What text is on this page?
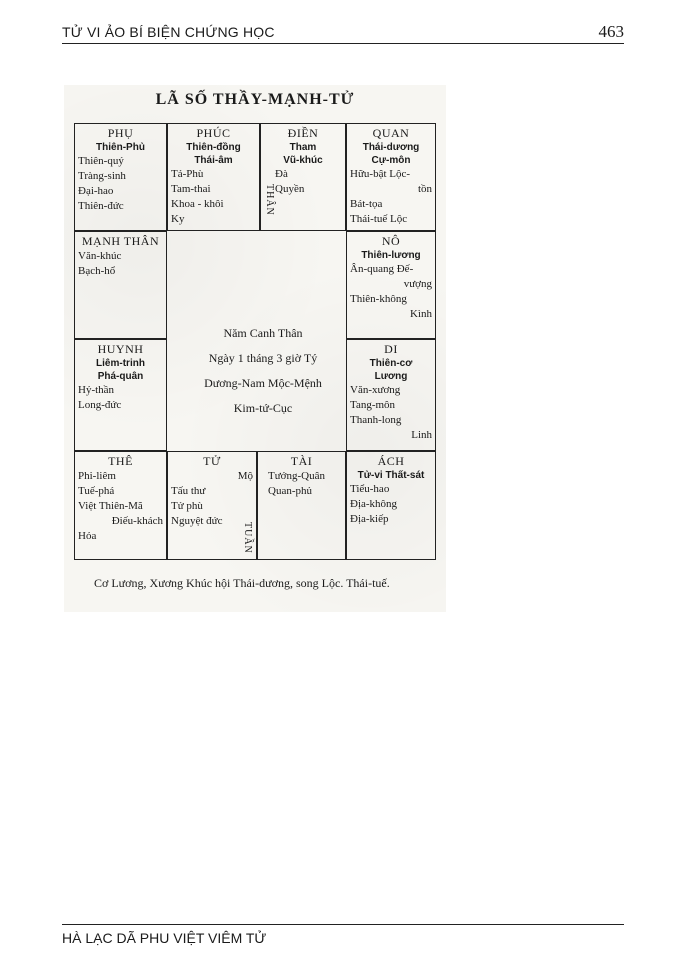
TỬ VI ẢO BÍ BIỆN CHỨNG HỌC	463
LÃ SỐ THẦY-MẠNH-TỬ
PHỤ
Thiên-Phủ
Thiên-quý
Tràng-sinh
Đại-hao
Thiên-đức
PHÚC
Thiên-đồng
Thái-âm
Tả-Phù
Tam-thai
Khoa - khôi
Ky
ĐIỀN
Tham
Vũ-khúc
Đà
Quyền
THÂN
QUAN
Thái-dương
Cự-môn
Hữu-bật Lộc-
tồn
Bát-tọa
Thái-tuế Lộc
MẠNH THÂN
Văn-khúc
Bạch-hổ
NÔ
Thiên-lương
Ân-quang Đế-
vượng
Thiên-không
Kình
HUYNH
Liêm-trinh
Phá-quân
Hỷ-thần
Long-đức
DI
Thiên-cơ
Lương
Văn-xương
Tang-môn
Thanh-long
Linh
Năm Canh Thân
Ngày 1 tháng 3 giờ Tý
Dương-Nam Mộc-Mệnh
Kim-tứ-Cục
THÊ
Phi-liêm
Tuế-phá
Việt Thiên-Mã
Điếu-khách
Hỏa
TỬ
Mộ
Tấu thư
Tử phù
Nguyệt đức
TUẦN
TÀI
Tướng-Quân
Quan-phủ
ÁCH
Tử-vi Thất-sát
Tiểu-hao
Địa-không
Địa-kiếp
Cơ Lương, Xương Khúc hội Thái-dương, song Lộc. Thái-tuế.
HÀ LẠC DÃ PHU VIỆT VIÊM TỬ
